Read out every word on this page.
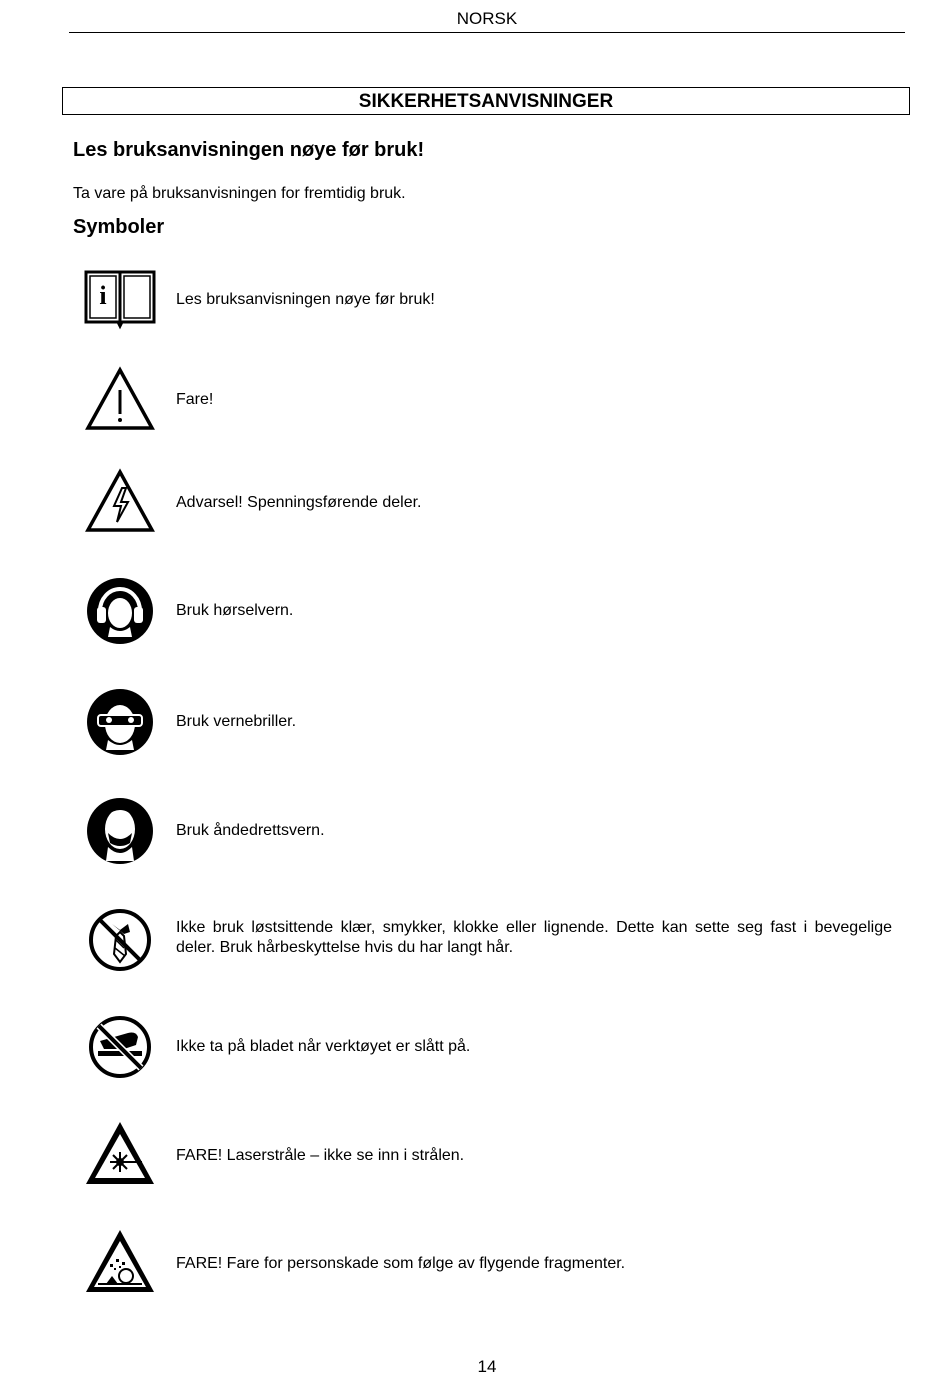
NORSK
SIKKERHETSANVISNINGER
Les bruksanvisningen nøye før bruk!
Ta vare på bruksanvisningen for fremtidig bruk.
Symboler
i	Les bruksanvisningen nøye før bruk!
Fare!
Advarsel! Spenningsførende deler.
Bruk hørselvern.
Bruk vernebriller.
Bruk åndedrettsvern.
Ikke bruk løstsittende klær, smykker, klokke eller lignende. Dette kan sette seg fast i bevegelige deler. Bruk hårbeskyttelse hvis du har langt hår.
Ikke ta på bladet når verktøyet er slått på.
FARE! Laserstråle – ikke se inn i strålen.
FARE! Fare for personskade som følge av flygende fragmenter.
14
